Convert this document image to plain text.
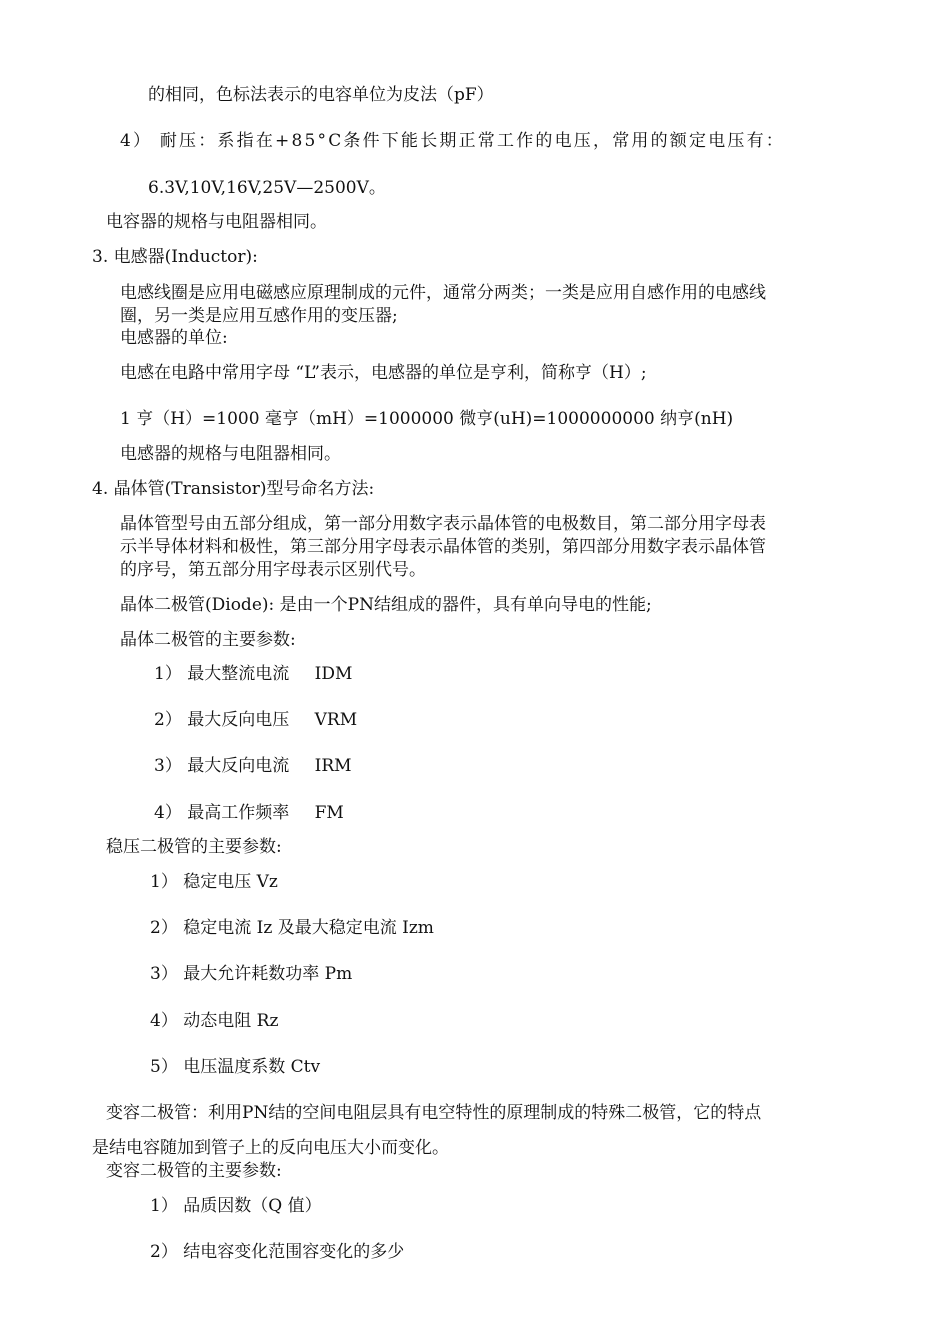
的相同，色标法表示的电容单位为皮法（pF）
4） 耐压：系指在+85°C条件下能长期正常工作的电压，常用的额定电压有：
6.3V,10V,16V,25V—2500V。
电容器的规格与电阻器相同。
3. 电感器(Inductor):
电感线圈是应用电磁感应原理制成的元件，通常分两类；一类是应用自感作用的电感线
圈，另一类是应用互感作用的变压器;
电感器的单位:
电感在电路中常用字母 “L”表示，电感器的单位是亨利，简称亨（H）;
1 亨（H）=1000 毫亨（mH）=1000000 微亨(uH)=1000000000 纳亨(nH)
电感器的规格与电阻器相同。
4. 晶体管(Transistor)型号命名方法:
晶体管型号由五部分组成，第一部分用数字表示晶体管的电极数目，第二部分用字母表
示半导体材料和极性，第三部分用字母表示晶体管的类别，第四部分用数字表示晶体管
的序号，第五部分用字母表示区别代号。
晶体二极管(Diode): 是由一个PN结组成的器件，具有单向导电的性能;
晶体二极管的主要参数:
1） 最大整流电流 IDM
2） 最大反向电压 VRM
3） 最大反向电流 IRM
4） 最高工作频率 FM
稳压二极管的主要参数:
1） 稳定电压 Vz
2） 稳定电流 Iz 及最大稳定电流 Izm
3） 最大允许耗数功率 Pm
4） 动态电阻 Rz
5） 电压温度系数 Ctv
变容二极管：利用PN结的空间电阻层具有电空特性的原理制成的特殊二极管，它的特点
是结电容随加到管子上的反向电压大小而变化。
变容二极管的主要参数:
1） 品质因数（Q 值）
2） 结电容变化范围容变化的多少
